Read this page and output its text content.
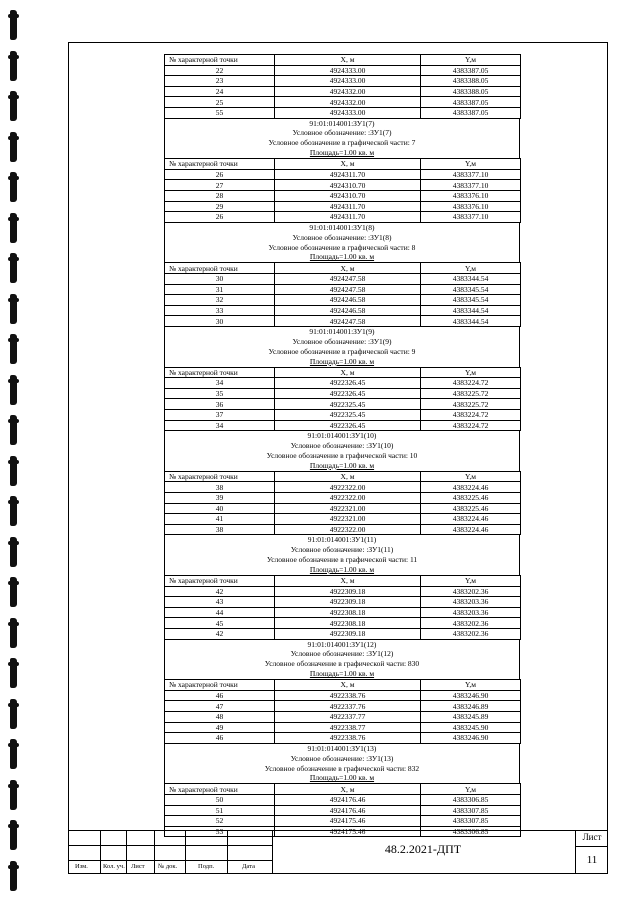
№ характерной точки	X, м	Y,м
22	4924333.00	4383387.05
23	4924333.00	4383388.05
24	4924332.00	4383388.05
25	4924332.00	4383387.05
55	4924333.00	4383387.05
91:01:014001:ЗУ1(7)
Условное обозначение: :ЗУ1(7)
Условное обозначение в графической части: 7
Площадь=1.00 кв. м
№ характерной точки	X, м	Y,м
26	4924311.70	4383377.10
27	4924310.70	4383377.10
28	4924310.70	4383376.10
29	4924311.70	4383376.10
26	4924311.70	4383377.10
91:01:014001:ЗУ1(8)
Условное обозначение: :ЗУ1(8)
Условное обозначение в графической части: 8
Площадь=1.00 кв. м
№ характерной точки	X, м	Y,м
30	4924247.58	4383344.54
31	4924247.58	4383345.54
32	4924246.58	4383345.54
33	4924246.58	4383344.54
30	4924247.58	4383344.54
91:01:014001:ЗУ1(9)
Условное обозначение: :ЗУ1(9)
Условное обозначение в графической части: 9
Площадь=1.00 кв. м
№ характерной точки	X, м	Y,м
34	4922326.45	4383224.72
35	4922326.45	4383225.72
36	4922325.45	4383225.72
37	4922325.45	4383224.72
34	4922326.45	4383224.72
91:01:014001:ЗУ1(10)
Условное обозначение: :ЗУ1(10)
Условное обозначение в графической части: 10
Площадь=1.00 кв. м
№ характерной точки	X, м	Y,м
38	4922322.00	4383224.46
39	4922322.00	4383225.46
40	4922321.00	4383225.46
41	4922321.00	4383224.46
38	4922322.00	4383224.46
91:01:014001:ЗУ1(11)
Условное обозначение: :ЗУ1(11)
Условное обозначение в графической части: 11
Площадь=1.00 кв. м
№ характерной точки	X, м	Y,м
42	4922309.18	4383202.36
43	4922309.18	4383203.36
44	4922308.18	4383203.36
45	4922308.18	4383202.36
42	4922309.18	4383202.36
91:01:014001:ЗУ1(12)
Условное обозначение: :ЗУ1(12)
Условное обозначение в графической части: 830
Площадь=1.00 кв. м
№ характерной точки	X, м	Y,м
46	4922338.76	4383246.90
47	4922337.76	4383246.89
48	4922337.77	4383245.89
49	4922338.77	4383245.90
46	4922338.76	4383246.90
91:01:014001:ЗУ1(13)
Условное обозначение: :ЗУ1(13)
Условное обозначение в графической части: 832
Площадь=1.00 кв. м
№ характерной точки	X, м	Y,м
50	4924176.46	4383306.85
51	4924176.46	4383307.85
52	4924175.46	4383307.85
53	4924175.46	4383306.85
Изм. Кол. уч. Лист № док.	Подп.	Дата
48.2.2021-ДПТ
Лист
11
